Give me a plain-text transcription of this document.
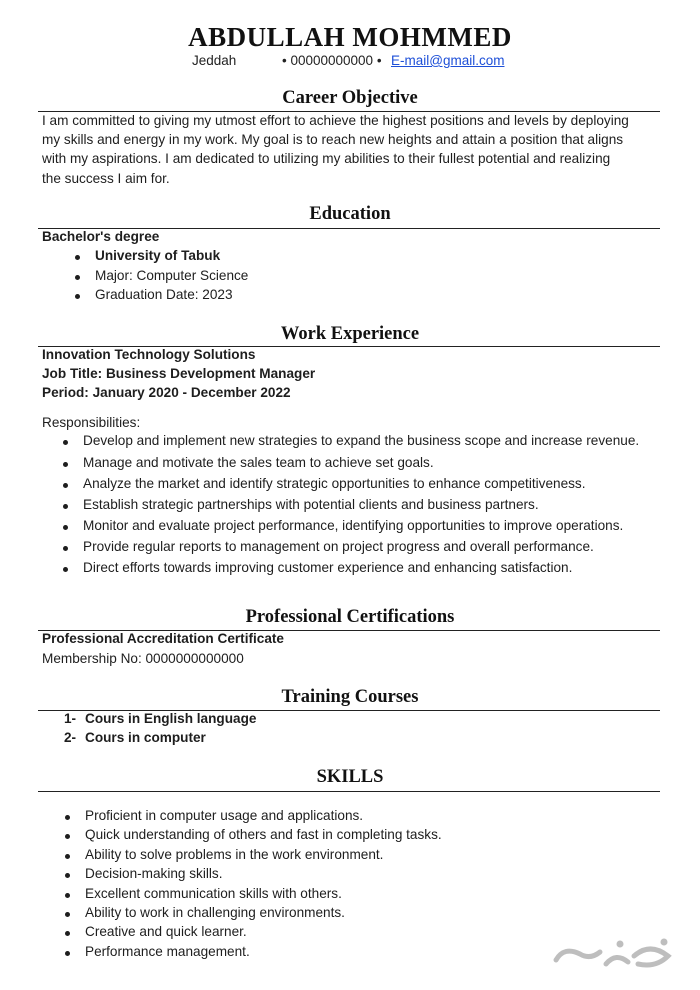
ABDULLAH MOHMMED
Jeddah	• 00000000000 • E-mail@gmail.com
Career Objective
I am committed to giving my utmost effort to achieve the highest positions and levels by deploying
my skills and energy in my work. My goal is to reach new heights and attain a position that aligns
with my aspirations. I am dedicated to utilizing my abilities to their fullest potential and realizing
the success I aim for.
Education
Bachelor's degree
University of Tabuk
Major: Computer Science
Graduation Date: 2023
Work Experience
Innovation Technology Solutions
Job Title: Business Development Manager
Period: January 2020 - December 2022
Responsibilities:
Develop and implement new strategies to expand the business scope and increase revenue.
Manage and motivate the sales team to achieve set goals.
Analyze the market and identify strategic opportunities to enhance competitiveness.
Establish strategic partnerships with potential clients and business partners.
Monitor and evaluate project performance, identifying opportunities to improve operations.
Provide regular reports to management on project progress and overall performance.
Direct efforts towards improving customer experience and enhancing satisfaction.
Professional Certifications
Professional Accreditation Certificate
Membership No: 0000000000000
Training Courses
1- Cours in English language
2- Cours in computer
SKILLS
Proficient in computer usage and applications.
Quick understanding of others and fast in completing tasks.
Ability to solve problems in the work environment.
Decision-making skills.
Excellent communication skills with others.
Ability to work in challenging environments.
Creative and quick learner.
Performance management.
